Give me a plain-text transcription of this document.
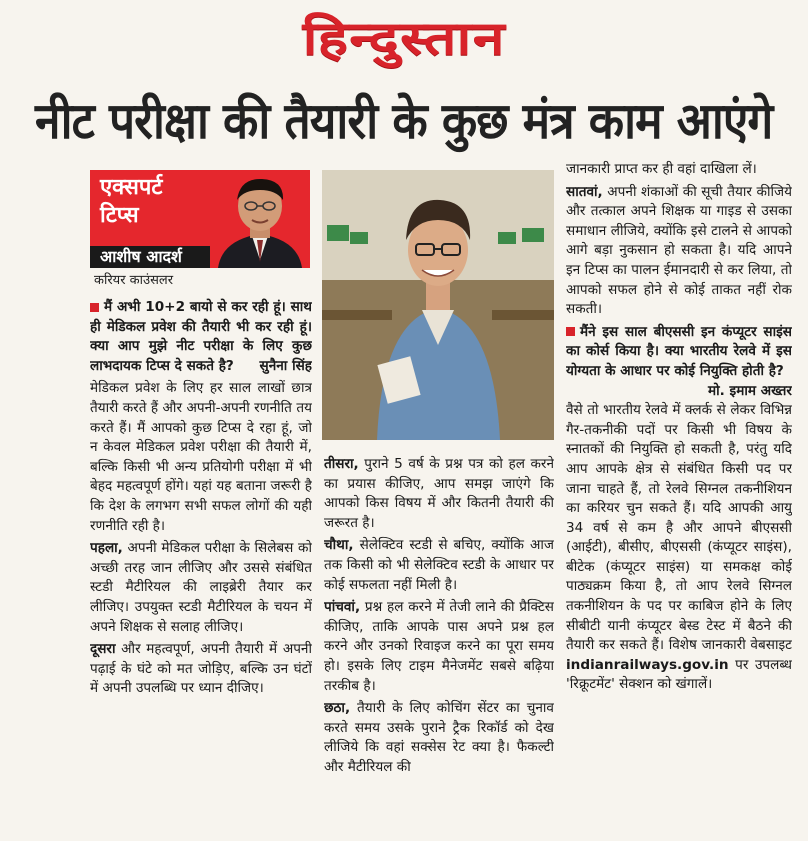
हिन्दुस्तान
नीट परीक्षा की तैयारी के कुछ मंत्र काम आएंगे
एक्सपर्ट
टिप्स
आशीष आदर्श
करियर काउंसलर

मैं अभी 10+2 बायो से कर रही हूं। साथ ही मेडिकल प्रवेश की तैयारी भी कर रही हूं। क्या आप मुझे नीट परीक्षा के लिए कुछ लाभदायक टिप्स दे सकते है? सुनैना सिंह

मेडिकल प्रवेश के लिए हर साल लाखों छात्र तैयारी करते हैं और अपनी-अपनी रणनीति तय करते हैं। मैं आपको कुछ टिप्स दे रहा हूं, जो न केवल मेडिकल प्रवेश परीक्षा की तैयारी में, बल्कि किसी भी अन्य प्रतियोगी परीक्षा में भी बेहद महत्वपूर्ण होंगे। यहां यह बताना जरूरी है कि देश के लगभग सभी सफल लोगों की यही रणनीति रही है।

पहला, अपनी मेडिकल परीक्षा के सिलेबस को अच्छी तरह जान लीजिए और उससे संबंधित स्टडी मैटीरियल की लाइब्रेरी तैयार कर लीजिए। उपयुक्त स्टडी मैटीरियल के चयन में अपने शिक्षक से सलाह लीजिए।

दूसरा और महत्वपूर्ण, अपनी तैयारी में अपनी पढ़ाई के घंटे को मत जोड़िए, बल्कि उन घंटों में अपनी उपलब्धि पर ध्यान दीजिए।

तीसरा, पुराने 5 वर्ष के प्रश्न पत्र को हल करने का प्रयास कीजिए, आप समझ जाएंगे कि आपको किस विषय में और कितनी तैयारी की जरूरत है।

चौथा, सेलेक्टिव स्टडी से बचिए, क्योंकि आज तक किसी को भी सेलेक्टिव स्टडी के आधार पर कोई सफलता नहीं मिली है।

पांचवां, प्रश्न हल करने में तेजी लाने की प्रैक्टिस कीजिए, ताकि आपके पास अपने प्रश्न हल करने और उनको रिवाइज करने का पूरा समय हो। इसके लिए टाइम मैनेजमेंट सबसे बढ़िया तरकीब है।

छठा, तैयारी के लिए कोचिंग सेंटर का चुनाव करते समय उसके पुराने ट्रैक रिकॉर्ड को देख लीजिये कि वहां सक्सेस रेट क्या है। फैकल्टी और मैटीरियल की

जानकारी प्राप्त कर ही वहां दाखिला लें।

सातवां, अपनी शंकाओं की सूची तैयार कीजिये और तत्काल अपने शिक्षक या गाइड से उसका समाधान लीजिये, क्योंकि इसे टालने से आपको आगे बड़ा नुकसान हो सकता है। यदि आपने इन टिप्स का पालन ईमानदारी से कर लिया, तो आपको सफल होने से कोई ताकत नहीं रोक सकती।

मैंने इस साल बीएससी इन कंप्यूटर साइंस का कोर्स किया है। क्या भारतीय रेलवे में इस योग्यता के आधार पर कोई नियुक्ति होती है?
मो. इमाम अख्तर

वैसे तो भारतीय रेलवे में क्लर्क से लेकर विभिन्न गैर-तकनीकी पदों पर किसी भी विषय के स्नातकों की नियुक्ति हो सकती है, परंतु यदि आप आपके क्षेत्र से संबंधित किसी पद पर जाना चाहते हैं, तो रेलवे सिग्नल तकनीशियन का करियर चुन सकते हैं। यदि आपकी आयु 34 वर्ष से कम है और आपने बीएससी (आईटी), बीसीए, बीएससी (कंप्यूटर साइंस), बीटेक (कंप्यूटर साइंस) या समकक्ष कोई पाठ्यक्रम किया है, तो आप रेलवे सिग्नल तकनीशियन के पद पर काबिज होने के लिए सीबीटी यानी कंप्यूटर बेस्ड टेस्ट में बैठने की तैयारी कर सकते हैं। विशेष जानकारी वेबसाइट indianrailways.gov.in पर उपलब्ध 'रिक्रूटमेंट' सेक्शन को खंगालें।
